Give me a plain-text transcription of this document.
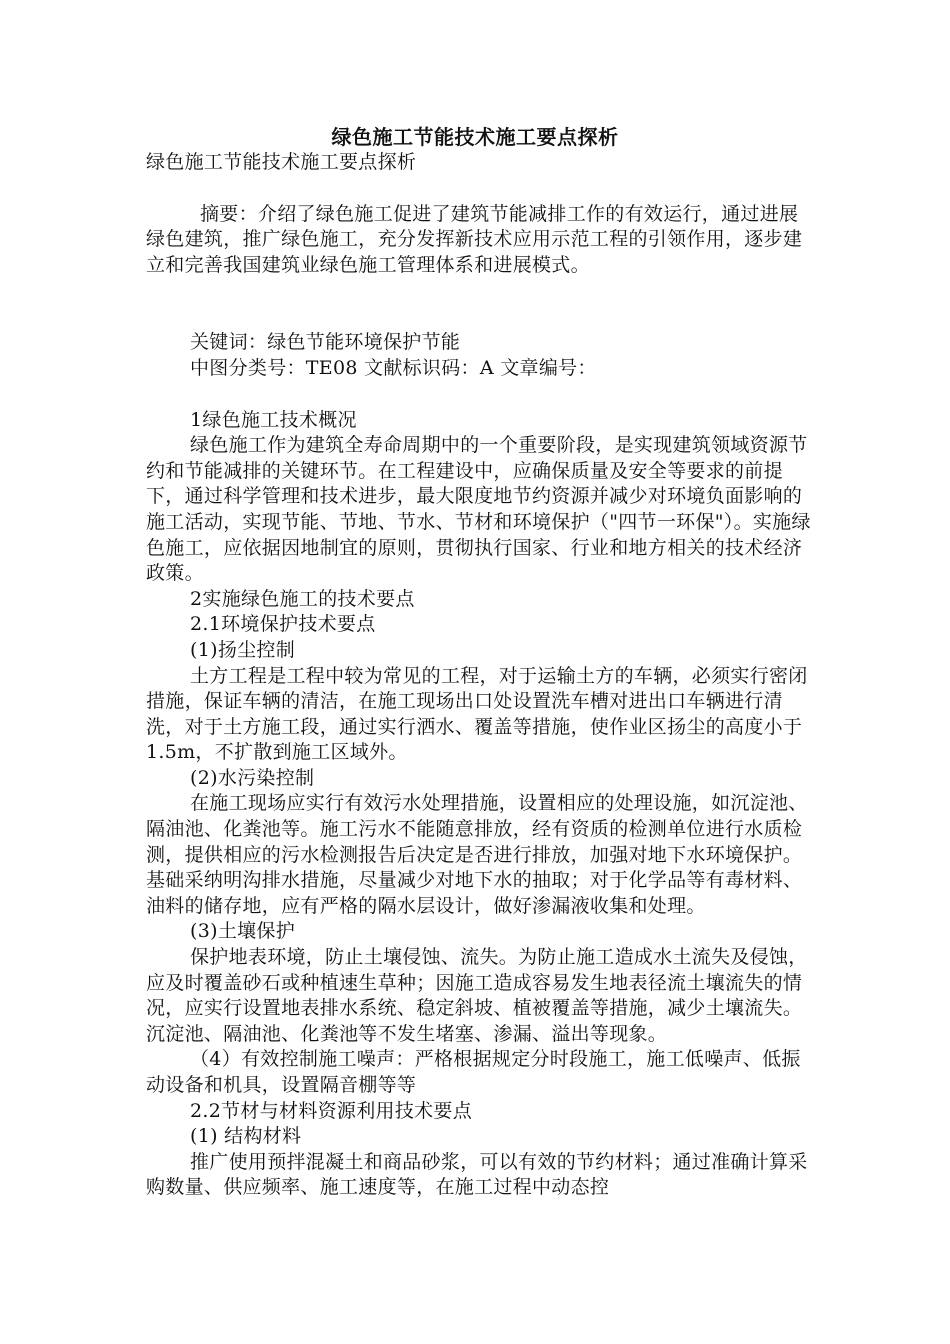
绿色施工节能技术施工要点探析

绿色施工节能技术施工要点探析

摘要：介绍了绿色施工促进了建筑节能减排工作的有效运行，通过进展绿色建筑，推广绿色施工，充分发挥新技术应用示范工程的引领作用，逐步建立和完善我国建筑业绿色施工管理体系和进展模式。

关键词：绿色节能环境保护节能

中图分类号：TE08 文献标识码：A 文章编号：

1绿色施工技术概况

绿色施工作为建筑全寿命周期中的一个重要阶段，是实现建筑领域资源节约和节能减排的关键环节。在工程建设中，应确保质量及安全等要求的前提下，通过科学管理和技术进步，最大限度地节约资源并减少对环境负面影响的施工活动，实现节能、节地、节水、节材和环境保护（"四节一环保"）。实施绿色施工，应依据因地制宜的原则，贯彻执行国家、行业和地方相关的技术经济政策。

2实施绿色施工的技术要点

2.1环境保护技术要点

(1)扬尘控制

土方工程是工程中较为常见的工程，对于运输土方的车辆，必须实行密闭措施，保证车辆的清洁，在施工现场出口处设置洗车槽对进出口车辆进行清洗，对于土方施工段，通过实行洒水、覆盖等措施，使作业区扬尘的高度小于1.5m，不扩散到施工区域外。

(2)水污染控制

在施工现场应实行有效污水处理措施，设置相应的处理设施，如沉淀池、隔油池、化粪池等。施工污水不能随意排放，经有资质的检测单位进行水质检测，提供相应的污水检测报告后决定是否进行排放，加强对地下水环境保护。基础采纳明沟排水措施，尽量减少对地下水的抽取；对于化学品等有毒材料、油料的储存地，应有严格的隔水层设计，做好渗漏液收集和处理。

(3)土壤保护

保护地表环境，防止土壤侵蚀、流失。为防止施工造成水土流失及侵蚀，应及时覆盖砂石或种植速生草种；因施工造成容易发生地表径流土壤流失的情况，应实行设置地表排水系统、稳定斜坡、植被覆盖等措施，减少土壤流失。沉淀池、隔油池、化粪池等不发生堵塞、渗漏、溢出等现象。

（4）有效控制施工噪声：严格根据规定分时段施工，施工低噪声、低振动设备和机具，设置隔音棚等等

2.2节材与材料资源利用技术要点

(1) 结构材料

推广使用预拌混凝土和商品砂浆，可以有效的节约材料；通过准确计算采购数量、供应频率、施工速度等，在施工过程中动态控
